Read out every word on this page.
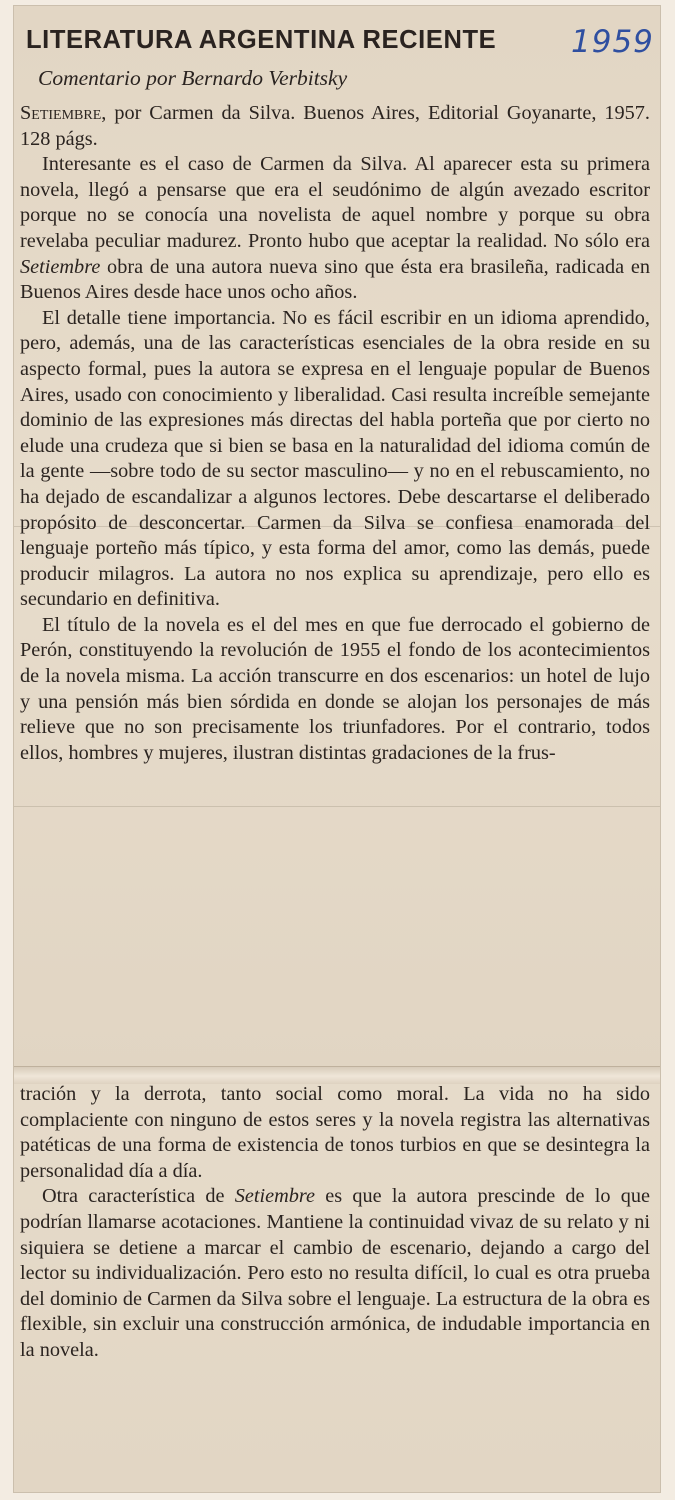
LITERATURA ARGENTINA RECIENTE 1959
Comentario por Bernardo Verbitsky

Setiembre, por Carmen da Silva. Buenos Aires, Editorial Goyanarte, 1957. 128 págs.

Interesante es el caso de Carmen da Silva. Al aparecer esta su primera novela, llegó a pensarse que era el seudónimo de algún avezado escritor porque no se conocía una novelista de aquel nombre y porque su obra revelaba peculiar madurez. Pronto hubo que aceptar la realidad. No sólo era Setiembre obra de una autora nueva sino que ésta era brasileña, radicada en Buenos Aires desde hace unos ocho años.

El detalle tiene importancia. No es fácil escribir en un idioma aprendido, pero, además, una de las características esenciales de la obra reside en su aspecto formal, pues la autora se expresa en el lenguaje popular de Buenos Aires, usado con conocimiento y liberalidad. Casi resulta increíble semejante dominio de las expresiones más directas del habla porteña que por cierto no elude una crudeza que si bien se basa en la naturalidad del idioma común de la gente —sobre todo de su sector masculino— y no en el rebuscamiento, no ha dejado de escandalizar a algunos lectores. Debe descartarse el deliberado propósito de desconcertar. Carmen da Silva se confiesa enamorada del lenguaje porteño más típico, y esta forma del amor, como las demás, puede producir milagros. La autora no nos explica su aprendizaje, pero ello es secundario en definitiva.

El título de la novela es el del mes en que fue derrocado el gobierno de Perón, constituyendo la revolución de 1955 el fondo de los acontecimientos de la novela misma. La acción transcurre en dos escenarios: un hotel de lujo y una pensión más bien sórdida en donde se alojan los personajes de más relieve que no son precisamente los triunfadores. Por el contrario, todos ellos, hombres y mujeres, ilustran distintas gradaciones de la frus-

tración y la derrota, tanto social como moral. La vida no ha sido complaciente con ninguno de estos seres y la novela registra las alternativas patéticas de una forma de existencia de tonos turbios en que se desintegra la personalidad día a día.

Otra característica de Setiembre es que la autora prescinde de lo que podrían llamarse acotaciones. Mantiene la continuidad vivaz de su relato y ni siquiera se detiene a marcar el cambio de escenario, dejando a cargo del lector su individualización. Pero esto no resulta difícil, lo cual es otra prueba del dominio de Carmen da Silva sobre el lenguaje. La estructura de la obra es flexible, sin excluir una construcción armónica, de indudable importancia en la novela.
